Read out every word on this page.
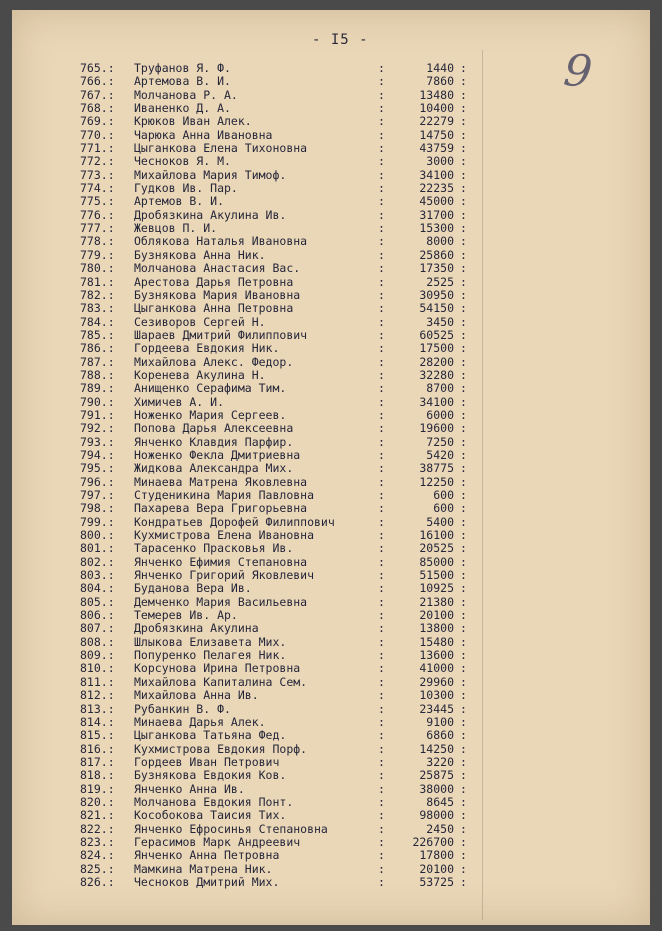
- I5 -
9
765.:	Труфанов Я. Ф.	:	1440 :
766.:	Артемова В. И.	:	7860 :
767.:	Молчанова Р. А.	:	13480 :
768.:	Иваненко Д. А.	:	10400 :
769.:	Крюков Иван Алек.	:	22279 :
770.:	Чарюка Анна Ивановна	:	14750 :
771.:	Цыганкова Елена Тихоновна	:	43759 :
772.:	Чесноков Я. М.	:	3000 :
773.:	Михайлова Мария Тимоф.	:	34100 :
774.:	Гудков Ив. Пар.	:	22235 :
775.:	Артемов В. И.	:	45000 :
776.:	Дробязкина Акулина Ив.	:	31700 :
777.:	Жевцов П. И.	:	15300 :
778.:	Облякова Наталья Ивановна	:	8000 :
779.:	Бузнякова Анна Ник.	:	25860 :
780.:	Молчанова Анастасия Вас.	:	17350 :
781.:	Арестова Дарья Петровна	:	2525 :
782.:	Бузнякова Мария Ивановна	:	30950 :
783.:	Цыганкова Анна Петровна	:	54150 :
784.:	Сезиворов Сергей Н.	:	3450 :
785.:	Шараев Дмитрий Филиппович	:	60525 :
786.:	Гордеева Евдокия Ник.	:	17500 :
787.:	Михайлова Алекс. Федор.	:	28200 :
788.:	Коренева Акулина Н.	:	32280 :
789.:	Анищенко Серафима Тим.	:	8700 :
790.:	Химичев А. И.	:	34100 :
791.:	Ноженко Мария Сергеев.	:	6000 :
792.:	Попова Дарья Алексеевна	:	19600 :
793.:	Янченко Клавдия Парфир.	:	7250 :
794.:	Ноженко Фекла Дмитриевна	:	5420 :
795.:	Жидкова Александра Мих.	:	38775 :
796.:	Минаева Матрена Яковлевна	:	12250 :
797.:	Студеникина Мария Павловна	:	600 :
798.:	Пахарева Вера Григорьевна	:	600 :
799.:	Кондратьев Дорофей Филиппович	:	5400 :
800.:	Кухмистрова Елена Ивановна	:	16100 :
801.:	Тарасенко Прасковья Ив.	:	20525 :
802.:	Янченко Ефимия Степановна	:	85000 :
803.:	Янченко Григорий Яковлевич	:	51500 :
804.:	Буданова Вера Ив.	:	10925 :
805.:	Демченко Мария Васильевна	:	21380 :
806.:	Темерев Ив. Ар.	:	20100 :
807.:	Дробязкина Акулина	:	13800 :
808.:	Шлыкова Елизавета Мих.	:	15480 :
809.:	Попуренко Пелагея Ник.	:	13600 :
810.:	Корсунова Ирина Петровна	:	41000 :
811.:	Михайлова Капиталина Сем.	:	29960 :
812.:	Михайлова Анна Ив.	:	10300 :
813.:	Рубанкин В. Ф.	:	23445 :
814.:	Минаева Дарья Алек.	:	9100 :
815.:	Цыганкова Татьяна Фед.	:	6860 :
816.:	Кухмистрова Евдокия Порф.	:	14250 :
817.:	Гордеев Иван Петрович	:	3220 :
818.:	Бузнякова Евдокия Ков.	:	25875 :
819.:	Янченко Анна Ив.	:	38000 :
820.:	Молчанова Евдокия Понт.	:	8645 :
821.:	Кособокова Таисия Тих.	:	98000 :
822.:	Янченко Ефросинья Степановна	:	2450 :
823.:	Герасимов Марк Андреевич	:	226700 :
824.:	Янченко Анна Петровна	:	17800 :
825.:	Мамкина Матрена Ник.	:	20100 :
826.:	Чесноков Дмитрий Мих.	:	53725 :
